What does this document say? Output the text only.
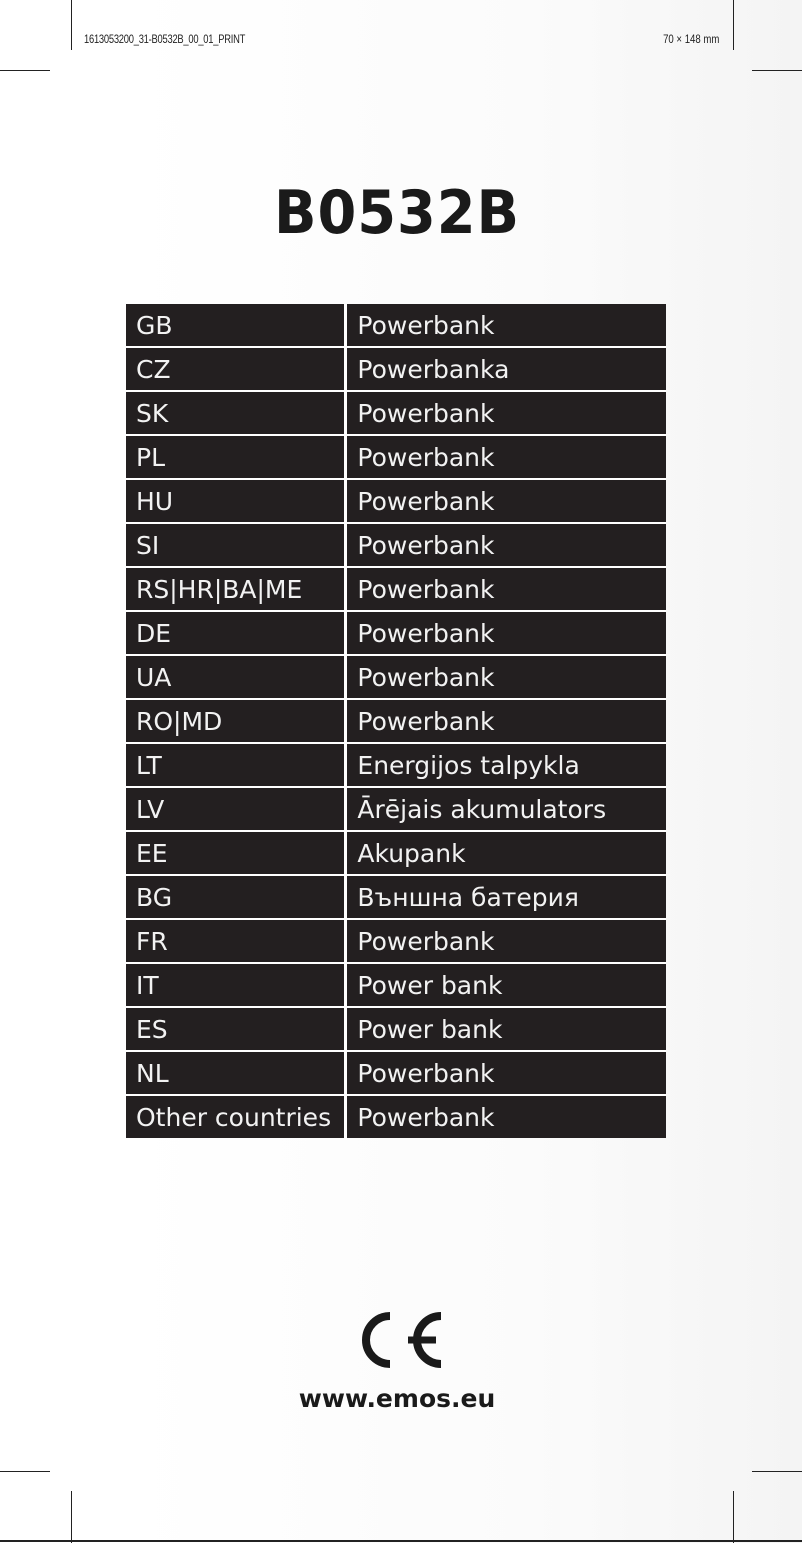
1613053200_31-B0532B_00_01_PRINT	70 × 148 mm
B0532B
GB	Powerbank
CZ	Powerbanka
SK	Powerbank
PL	Powerbank
HU	Powerbank
SI	Powerbank
RS|HR|BA|ME	Powerbank
DE	Powerbank
UA	Powerbank
RO|MD	Powerbank
LT	Energijos talpykla
LV	Ārējais akumulators
EE	Akupank
BG	Външна батерия
FR	Powerbank
IT	Power bank
ES	Power bank
NL	Powerbank
Other countries	Powerbank
www.emos.eu
